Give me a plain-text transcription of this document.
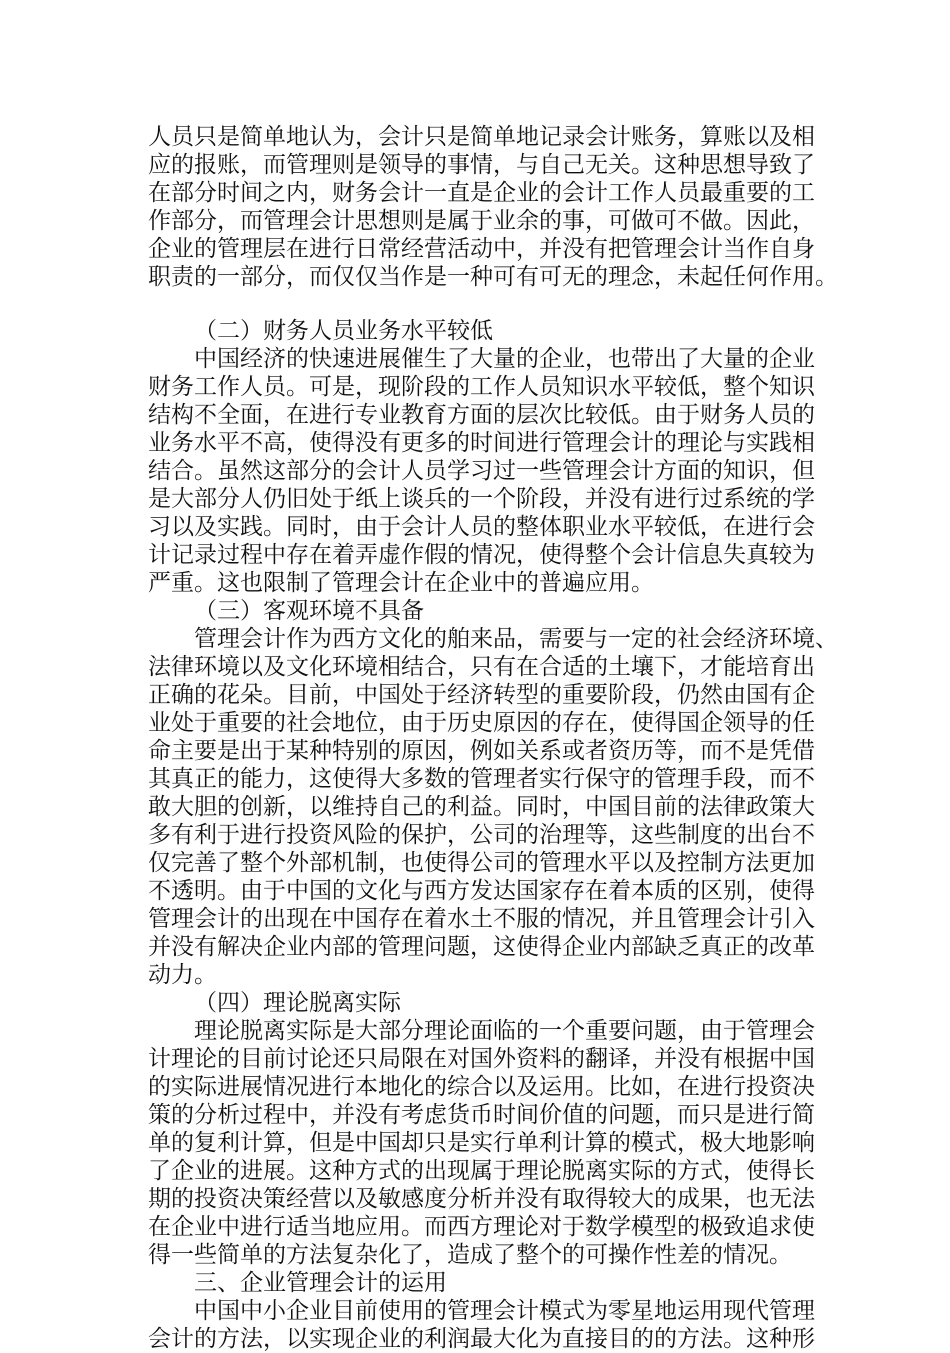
人员只是简单地认为，会计只是简单地记录会计账务，算账以及相
应的报账，而管理则是领导的事情，与自己无关。这种思想导致了
在部分时间之内，财务会计一直是企业的会计工作人员最重要的工
作部分，而管理会计思想则是属于业余的事，可做可不做。因此，
企业的管理层在进行日常经营活动中，并没有把管理会计当作自身
职责的一部分，而仅仅当作是一种可有可无的理念，未起任何作用。
（二）财务人员业务水平较低
中国经济的快速进展催生了大量的企业，也带出了大量的企业
财务工作人员。可是，现阶段的工作人员知识水平较低，整个知识
结构不全面，在进行专业教育方面的层次比较低。由于财务人员的
业务水平不高，使得没有更多的时间进行管理会计的理论与实践相
结合。虽然这部分的会计人员学习过一些管理会计方面的知识，但
是大部分人仍旧处于纸上谈兵的一个阶段，并没有进行过系统的学
习以及实践。同时，由于会计人员的整体职业水平较低，在进行会
计记录过程中存在着弄虚作假的情况，使得整个会计信息失真较为
严重。这也限制了管理会计在企业中的普遍应用。
（三）客观环境不具备
管理会计作为西方文化的舶来品，需要与一定的社会经济环境、
法律环境以及文化环境相结合，只有在合适的土壤下，才能培育出
正确的花朵。目前，中国处于经济转型的重要阶段，仍然由国有企
业处于重要的社会地位，由于历史原因的存在，使得国企领导的任
命主要是出于某种特别的原因，例如关系或者资历等，而不是凭借
其真正的能力，这使得大多数的管理者实行保守的管理手段，而不
敢大胆的创新，以维持自己的利益。同时，中国目前的法律政策大
多有利于进行投资风险的保护，公司的治理等，这些制度的出台不
仅完善了整个外部机制，也使得公司的管理水平以及控制方法更加
不透明。由于中国的文化与西方发达国家存在着本质的区别，使得
管理会计的出现在中国存在着水土不服的情况，并且管理会计引入
并没有解决企业内部的管理问题，这使得企业内部缺乏真正的改革
动力。
（四）理论脱离实际
理论脱离实际是大部分理论面临的一个重要问题，由于管理会
计理论的目前讨论还只局限在对国外资料的翻译，并没有根据中国
的实际进展情况进行本地化的综合以及运用。比如，在进行投资决
策的分析过程中，并没有考虑货币时间价值的问题，而只是进行简
单的复利计算，但是中国却只是实行单利计算的模式，极大地影响
了企业的进展。这种方式的出现属于理论脱离实际的方式，使得长
期的投资决策经营以及敏感度分析并没有取得较大的成果，也无法
在企业中进行适当地应用。而西方理论对于数学模型的极致追求使
得一些简单的方法复杂化了，造成了整个的可操作性差的情况。
三、企业管理会计的运用
中国中小企业目前使用的管理会计模式为零星地运用现代管理
会计的方法，以实现企业的利润最大化为直接目的的方法。这种形
